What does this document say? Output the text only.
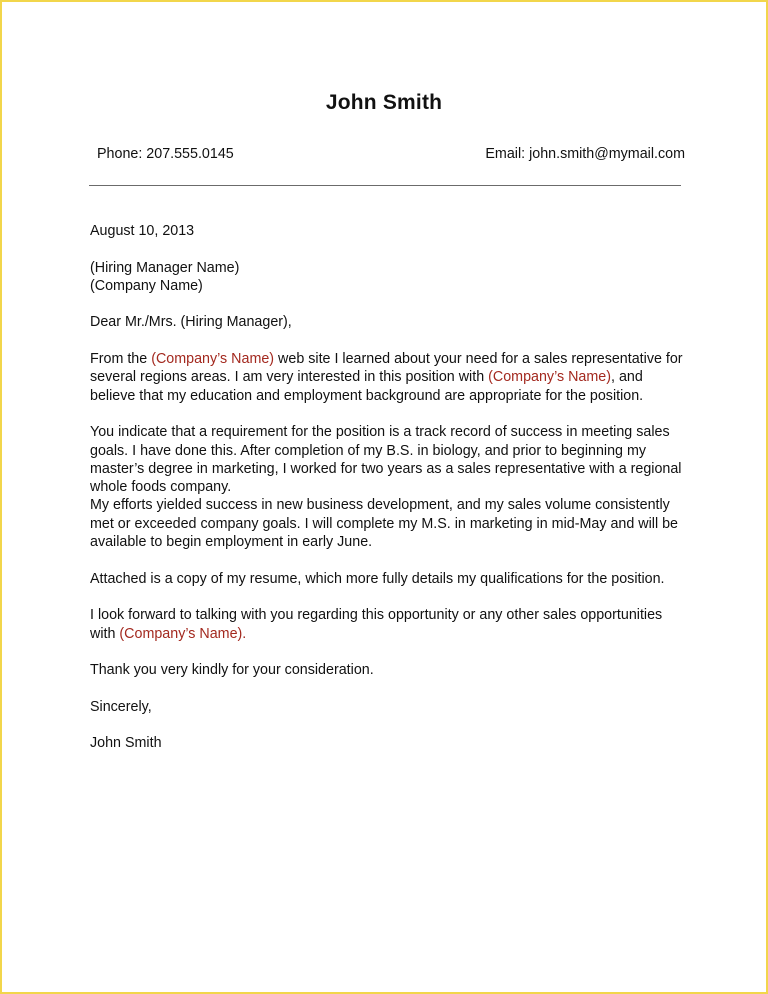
John Smith
Phone: 207.555.0145	Email: john.smith@mymail.com

August 10, 2013

(Hiring Manager Name)

(Company Name)

Dear Mr./Mrs. (Hiring Manager),

From the (Company’s Name) web site I learned about your need for a sales representative for several regions areas. I am very interested in this position with (Company’s Name), and believe that my education and employment background are appropriate for the position.

You indicate that a requirement for the position is a track record of success in meeting sales goals. I have done this. After completion of my B.S. in biology, and prior to beginning my master’s degree in marketing, I worked for two years as a sales representative with a regional whole foods company.

My efforts yielded success in new business development, and my sales volume consistently met or exceeded company goals. I will complete my M.S. in marketing in mid-May and will be available to begin employment in early June.

Attached is a copy of my resume, which more fully details my qualifications for the position.

I look forward to talking with you regarding this opportunity or any other sales opportunities with (Company’s Name).

Thank you very kindly for your consideration.

Sincerely,

John Smith
